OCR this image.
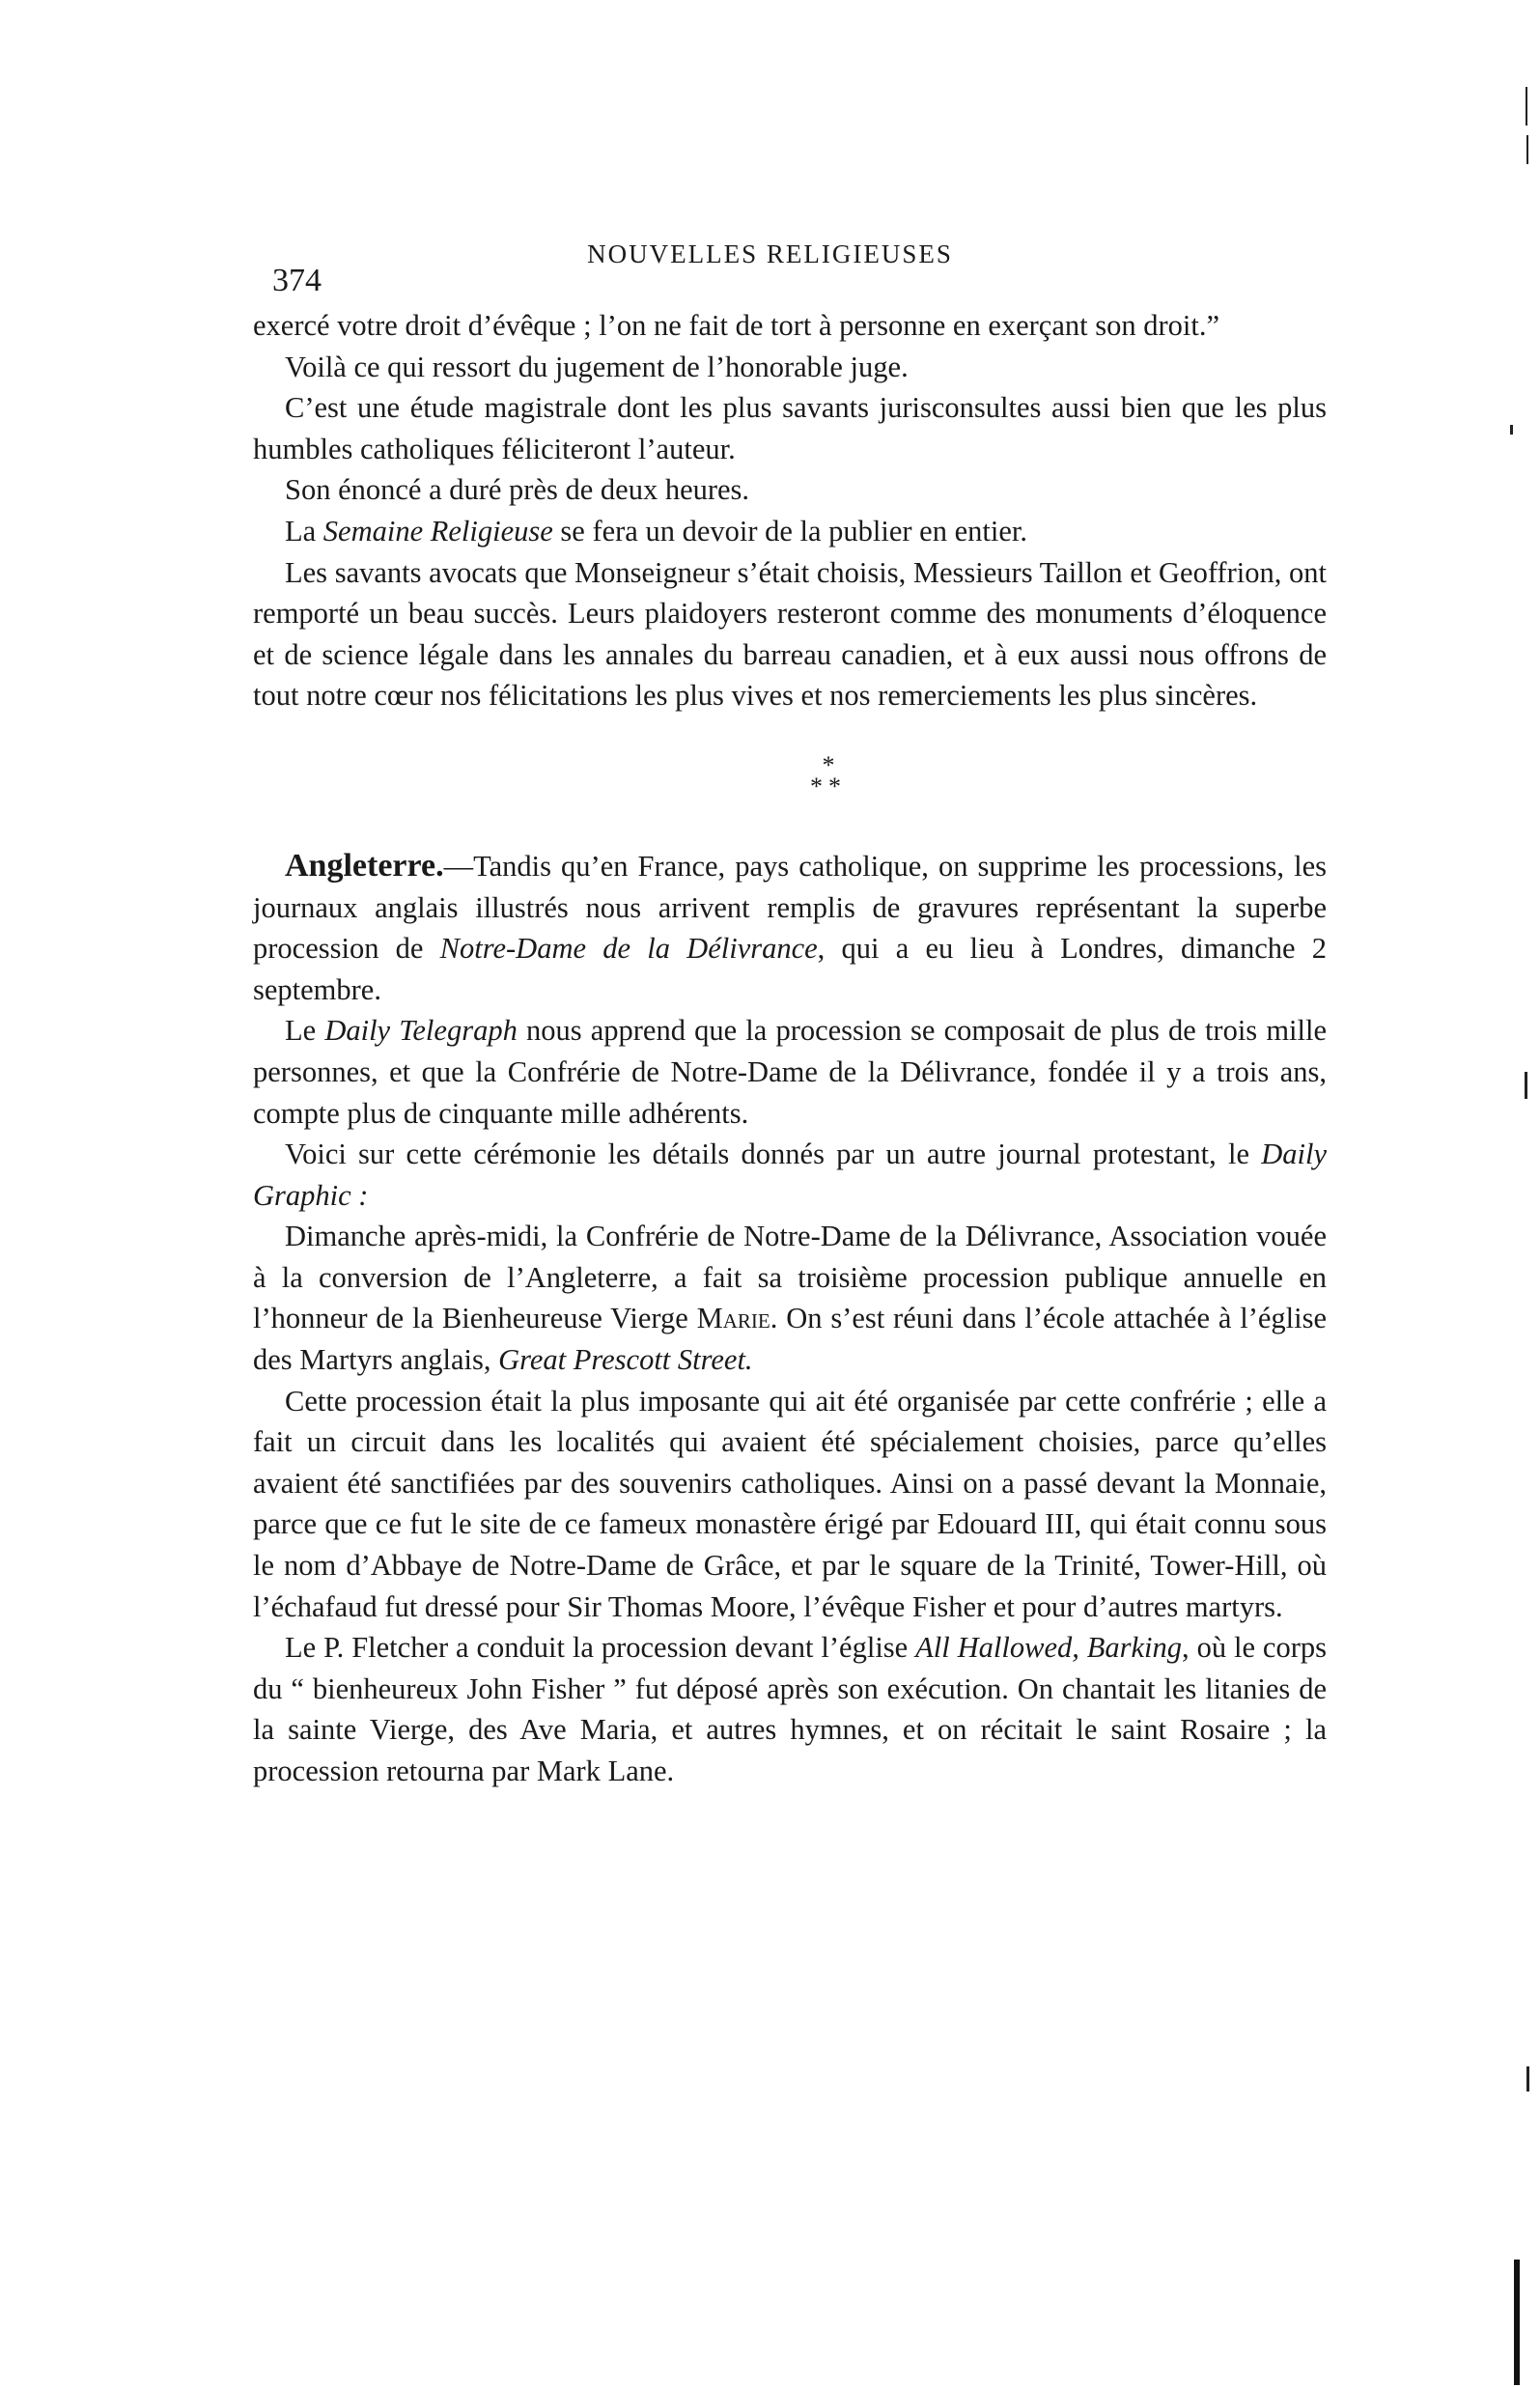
NOUVELLES RELIGIEUSES
374

exercé votre droit d’évêque ; l’on ne fait de tort à personne en exerçant son droit.”

Voilà ce qui ressort du jugement de l’honorable juge.

C’est une étude magistrale dont les plus savants jurisconsultes aussi bien que les plus humbles catholiques féliciteront l’auteur.

Son énoncé a duré près de deux heures.

La Semaine Religieuse se fera un devoir de la publier en entier.

Les savants avocats que Monseigneur s’était choisis, Messieurs Taillon et Geoffrion, ont remporté un beau succès. Leurs plaidoyers resteront comme des monuments d’éloquence et de science légale dans les annales du barreau canadien, et à eux aussi nous offrons de tout notre cœur nos félicitations les plus vives et nos remerciements les plus sincères.

*
**

Angleterre.—Tandis qu’en France, pays catholique, on supprime les processions, les journaux anglais illustrés nous arrivent remplis de gravures représentant la superbe procession de Notre-Dame de la Délivrance, qui a eu lieu à Londres, dimanche 2 septembre.

Le Daily Telegraph nous apprend que la procession se composait de plus de trois mille personnes, et que la Confrérie de Notre-Dame de la Délivrance, fondée il y a trois ans, compte plus de cinquante mille adhérents.

Voici sur cette cérémonie les détails donnés par un autre journal protestant, le Daily Graphic :

Dimanche après-midi, la Confrérie de Notre-Dame de la Délivrance, Association vouée à la conversion de l’Angleterre, a fait sa troisième procession publique annuelle en l’honneur de la Bienheureuse Vierge Marie. On s’est réuni dans l’école attachée à l’église des Martyrs anglais, Great Prescott Street.

Cette procession était la plus imposante qui ait été organisée par cette confrérie ; elle a fait un circuit dans les localités qui avaient été spécialement choisies, parce qu’elles avaient été sanctifiées par des souvenirs catholiques. Ainsi on a passé devant la Monnaie, parce que ce fut le site de ce fameux monastère érigé par Edouard III, qui était connu sous le nom d’Abbaye de Notre-Dame de Grâce, et par le square de la Trinité, Tower-Hill, où l’échafaud fut dressé pour Sir Thomas Moore, l’évêque Fisher et pour d’autres martyrs.

Le P. Fletcher a conduit la procession devant l’église All Hallowed, Barking, où le corps du “ bienheureux John Fisher ” fut déposé après son exécution. On chantait les litanies de la sainte Vierge, des Ave Maria, et autres hymnes, et on récitait le saint Rosaire ; la procession retourna par Mark Lane.
